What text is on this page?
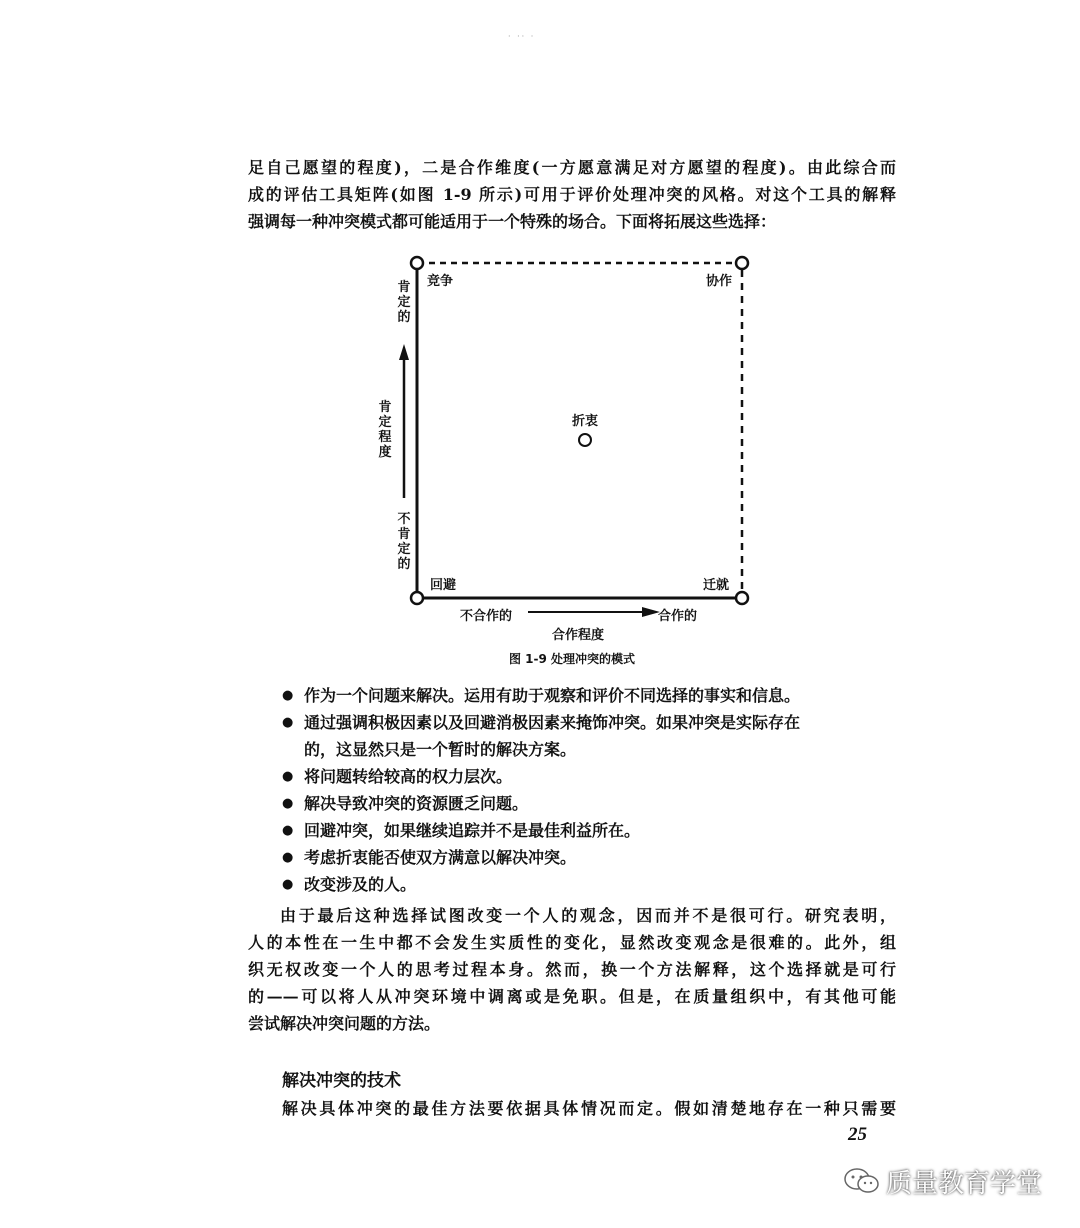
· ·· ·
足自己愿望的程度)，二是合作维度(一方愿意满足对方愿望的程度)。由此综合而
成的评估工具矩阵(如图 1-9 所示)可用于评价处理冲突的风格。对这个工具的解释
强调每一种冲突模式都可能适用于一个特殊的场合。下面将拓展这些选择：
竞争	协作
回避	迁就
折衷
肯定的
肯定程度
不肯定的
不合作的	合作的
合作程度
图 1-9 处理冲突的模式
● 作为一个问题来解决。运用有助于观察和评价不同选择的事实和信息。
● 通过强调积极因素以及回避消极因素来掩饰冲突。如果冲突是实际存在
的，这显然只是一个暂时的解决方案。
● 将问题转给较高的权力层次。
● 解决导致冲突的资源匮乏问题。
● 回避冲突，如果继续追踪并不是最佳利益所在。
● 考虑折衷能否使双方满意以解决冲突。
● 改变涉及的人。
由于最后这种选择试图改变一个人的观念，因而并不是很可行。研究表明，
人的本性在一生中都不会发生实质性的变化，显然改变观念是很难的。此外，组
织无权改变一个人的思考过程本身。然而，换一个方法解释，这个选择就是可行
的——可以将人从冲突环境中调离或是免职。但是，在质量组织中，有其他可能
尝试解决冲突问题的方法。
解决冲突的技术
解决具体冲突的最佳方法要依据具体情况而定。假如清楚地存在一种只需要
25
质量教育学堂
